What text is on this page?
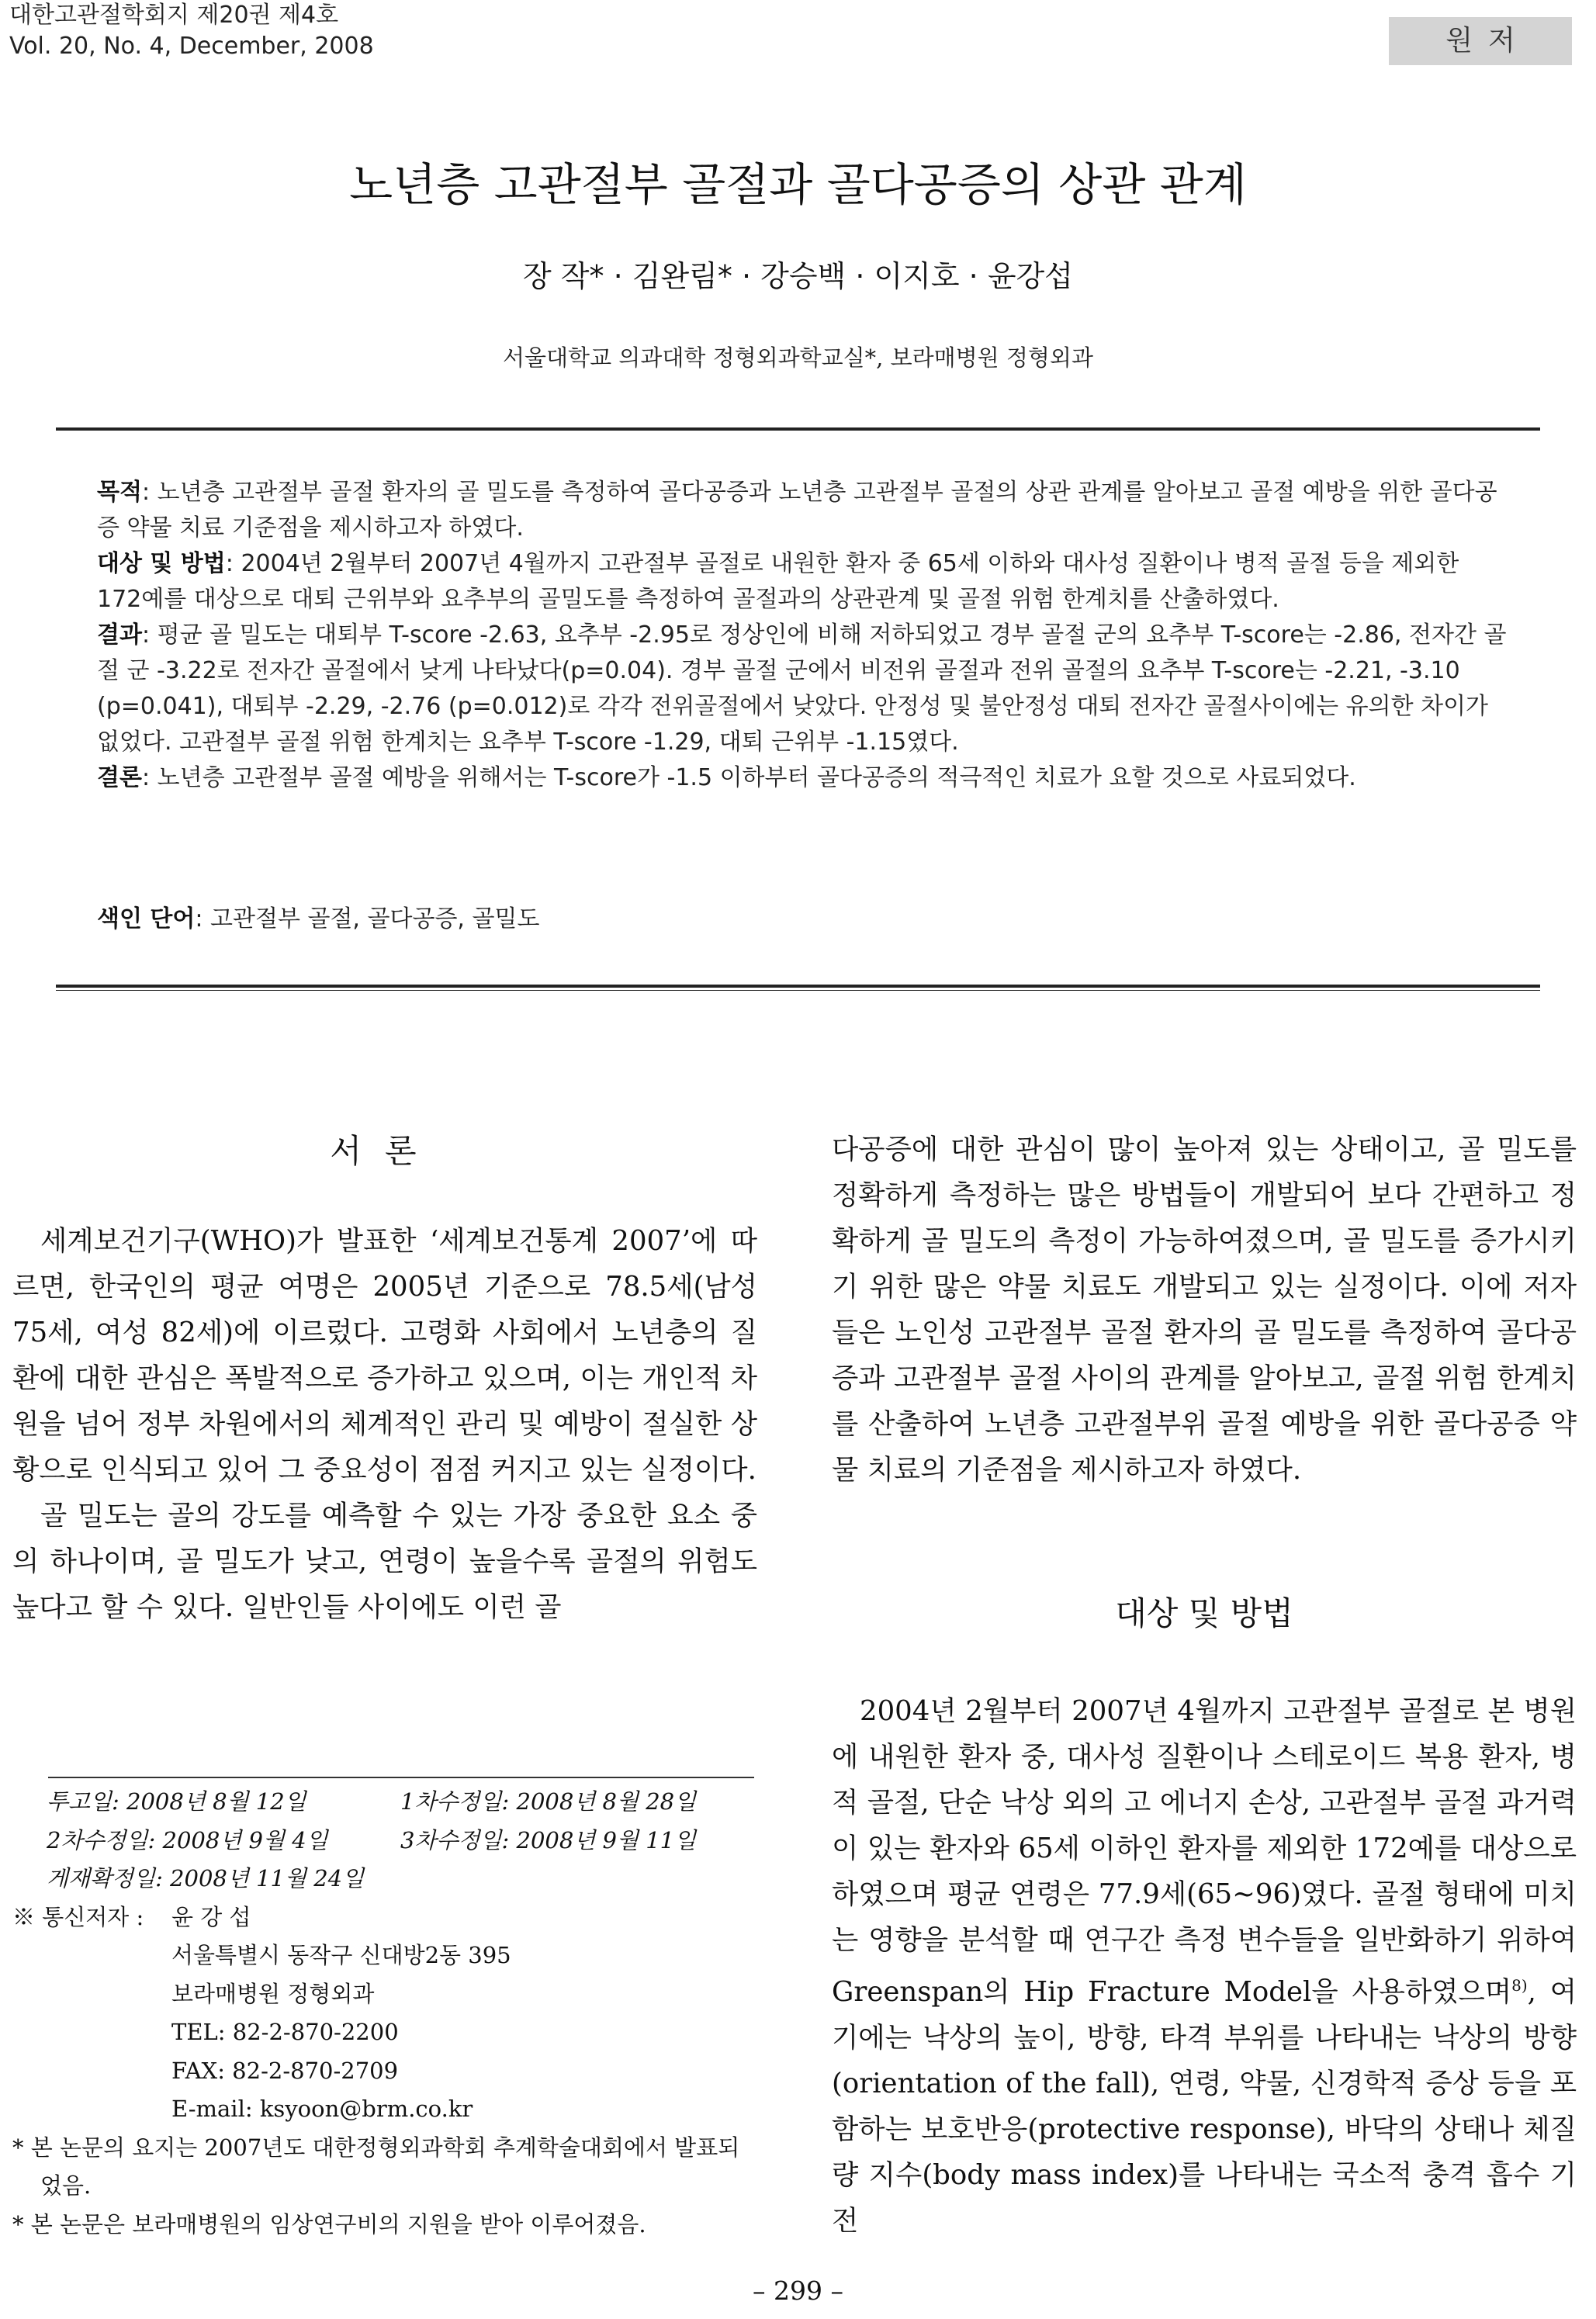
대한고관절학회지 제20권 제4호
Vol. 20, No. 4, December, 2008	원저
노년층 고관절부 골절과 골다공증의 상관 관계
장 작* · 김완림* · 강승백 · 이지호 · 윤강섭
서울대학교 의과대학 정형외과학교실*, 보라매병원 정형외과

목적: 노년층 고관절부 골절 환자의 골 밀도를 측정하여 골다공증과 노년층 고관절부 골절의 상관 관계를 알아보고 골절 예방을 위한 골다공증 약물 치료 기준점을 제시하고자 하였다.

대상 및 방법: 2004년 2월부터 2007년 4월까지 고관절부 골절로 내원한 환자 중 65세 이하와 대사성 질환이나 병적 골절 등을 제외한 172예를 대상으로 대퇴 근위부와 요추부의 골밀도를 측정하여 골절과의 상관관계 및 골절 위험 한계치를 산출하였다.

결과: 평균 골 밀도는 대퇴부 T-score -2.63, 요추부 -2.95로 정상인에 비해 저하되었고 경부 골절 군의 요추부 T-score는 -2.86, 전자간 골절 군 -3.22로 전자간 골절에서 낮게 나타났다(p=0.04). 경부 골절 군에서 비전위 골절과 전위 골절의 요추부 T-score는 -2.21, -3.10 (p=0.041), 대퇴부 -2.29, -2.76 (p=0.012)로 각각 전위골절에서 낮았다. 안정성 및 불안정성 대퇴 전자간 골절사이에는 유의한 차이가 없었다. 고관절부 골절 위험 한계치는 요추부 T-score -1.29, 대퇴 근위부 -1.15였다.

결론: 노년층 고관절부 골절 예방을 위해서는 T-score가 -1.5 이하부터 골다공증의 적극적인 치료가 요할 것으로 사료되었다.

색인 단어: 고관절부 골절, 골다공증, 골밀도
서론

세계보건기구(WHO)가 발표한 ‘세계보건통계 2007’에 따르면, 한국인의 평균 여명은 2005년 기준으로 78.5세(남성 75세, 여성 82세)에 이르렀다. 고령화 사회에서 노년층의 질환에 대한 관심은 폭발적으로 증가하고 있으며, 이는 개인적 차원을 넘어 정부 차원에서의 체계적인 관리 및 예방이 절실한 상황으로 인식되고 있어 그 중요성이 점점 커지고 있는 실정이다.

골 밀도는 골의 강도를 예측할 수 있는 가장 중요한 요소 중의 하나이며, 골 밀도가 낮고, 연령이 높을수록 골절의 위험도 높다고 할 수 있다. 일반인들 사이에도 이런 골

다공증에 대한 관심이 많이 높아져 있는 상태이고, 골 밀도를 정확하게 측정하는 많은 방법들이 개발되어 보다 간편하고 정확하게 골 밀도의 측정이 가능하여졌으며, 골 밀도를 증가시키기 위한 많은 약물 치료도 개발되고 있는 실정이다. 이에 저자들은 노인성 고관절부 골절 환자의 골 밀도를 측정하여 골다공증과 고관절부 골절 사이의 관계를 알아보고, 골절 위험 한계치를 산출하여 노년층 고관절부위 골절 예방을 위한 골다공증 약물 치료의 기준점을 제시하고자 하였다.

대상 및 방법

2004년 2월부터 2007년 4월까지 고관절부 골절로 본 병원에 내원한 환자 중, 대사성 질환이나 스테로이드 복용 환자, 병적 골절, 단순 낙상 외의 고 에너지 손상, 고관절부 골절 과거력이 있는 환자와 65세 이하인 환자를 제외한 172예를 대상으로 하였으며 평균 연령은 77.9세(65~96)였다. 골절 형태에 미치는 영향을 분석할 때 연구간 측정 변수들을 일반화하기 위하여 Greenspan의 Hip Fracture Model을 사용하였으며$^{8)}$, 여기에는 낙상의 높이, 방향, 타격 부위를 나타내는 낙상의 방향(orientation of the fall), 연령, 약물, 신경학적 증상 등을 포함하는 보호반응(protective response), 바닥의 상태나 체질량 지수(body mass index)를 나타내는 국소적 충격 흡수 기전

투고일: 2008년 8월 12일	1차수정일: 2008년 8월 28일
2차수정일: 2008년 9월 4일	3차수정일: 2008년 9월 11일
게재확정일: 2008년 11월 24일
※ 통신저자 : 윤 강 섭
서울특별시 동작구 신대방2동 395
보라매병원 정형외과
TEL: 82-2-870-2200
FAX: 82-2-870-2709
E-mail: ksyoon@brm.co.kr
* 본 논문의 요지는 2007년도 대한정형외과학회 추계학술대회에서 발표되었음.
* 본 논문은 보라매병원의 임상연구비의 지원을 받아 이루어졌음.
– 299 –
